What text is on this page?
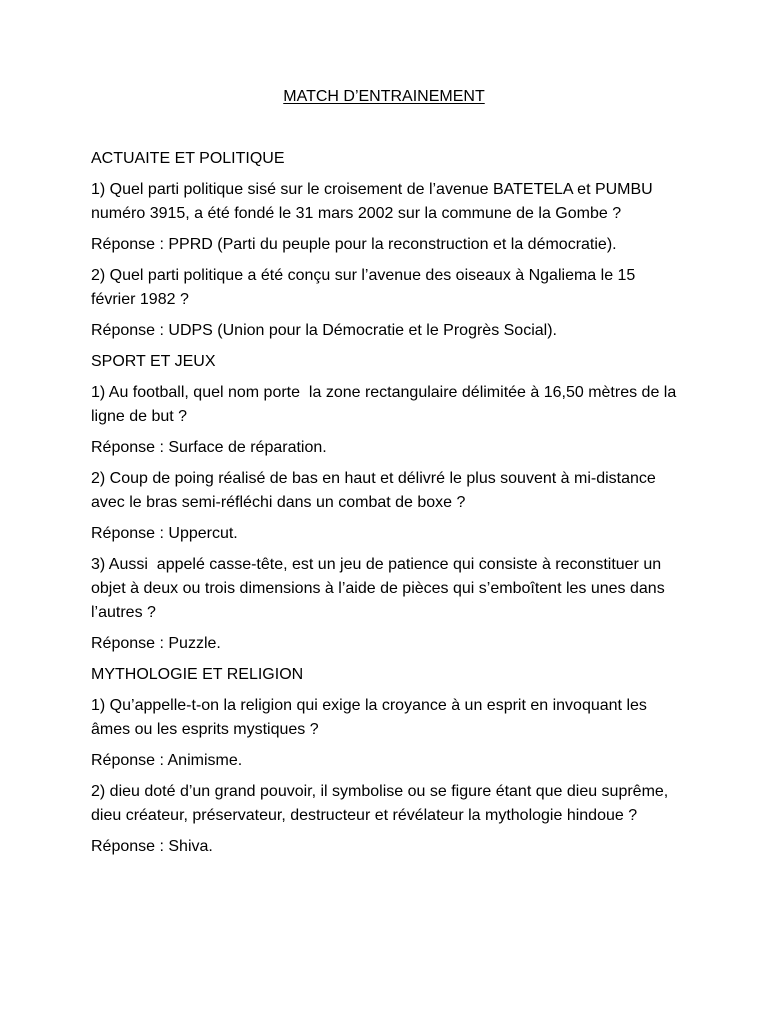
MATCH D’ENTRAINEMENT

ACTUAITE ET POLITIQUE

1) Quel parti politique sisé sur le croisement de l’avenue BATETELA et PUMBU numéro 3915, a été fondé le 31 mars 2002 sur la commune de la Gombe ?

Réponse : PPRD (Parti du peuple pour la reconstruction et la démocratie).

2) Quel parti politique a été conçu sur l’avenue des oiseaux à Ngaliema le 15 février 1982 ?

Réponse : UDPS (Union pour la Démocratie et le Progrès Social).

SPORT ET JEUX

1) Au football, quel nom porte  la zone rectangulaire délimitée à 16,50 mètres de la ligne de but ?

Réponse : Surface de réparation.

2) Coup de poing réalisé de bas en haut et délivré le plus souvent à mi-distance avec le bras semi-réfléchi dans un combat de boxe ?

Réponse : Uppercut.

3) Aussi  appelé casse-tête, est un jeu de patience qui consiste à reconstituer un objet à deux ou trois dimensions à l’aide de pièces qui s’emboîtent les unes dans l’autres ?

Réponse : Puzzle.

MYTHOLOGIE ET RELIGION

1) Qu’appelle-t-on la religion qui exige la croyance à un esprit en invoquant les âmes ou les esprits mystiques ?

Réponse : Animisme.

2) dieu doté d’un grand pouvoir, il symbolise ou se figure étant que dieu suprême, dieu créateur, préservateur, destructeur et révélateur la mythologie hindoue ?

Réponse : Shiva.
